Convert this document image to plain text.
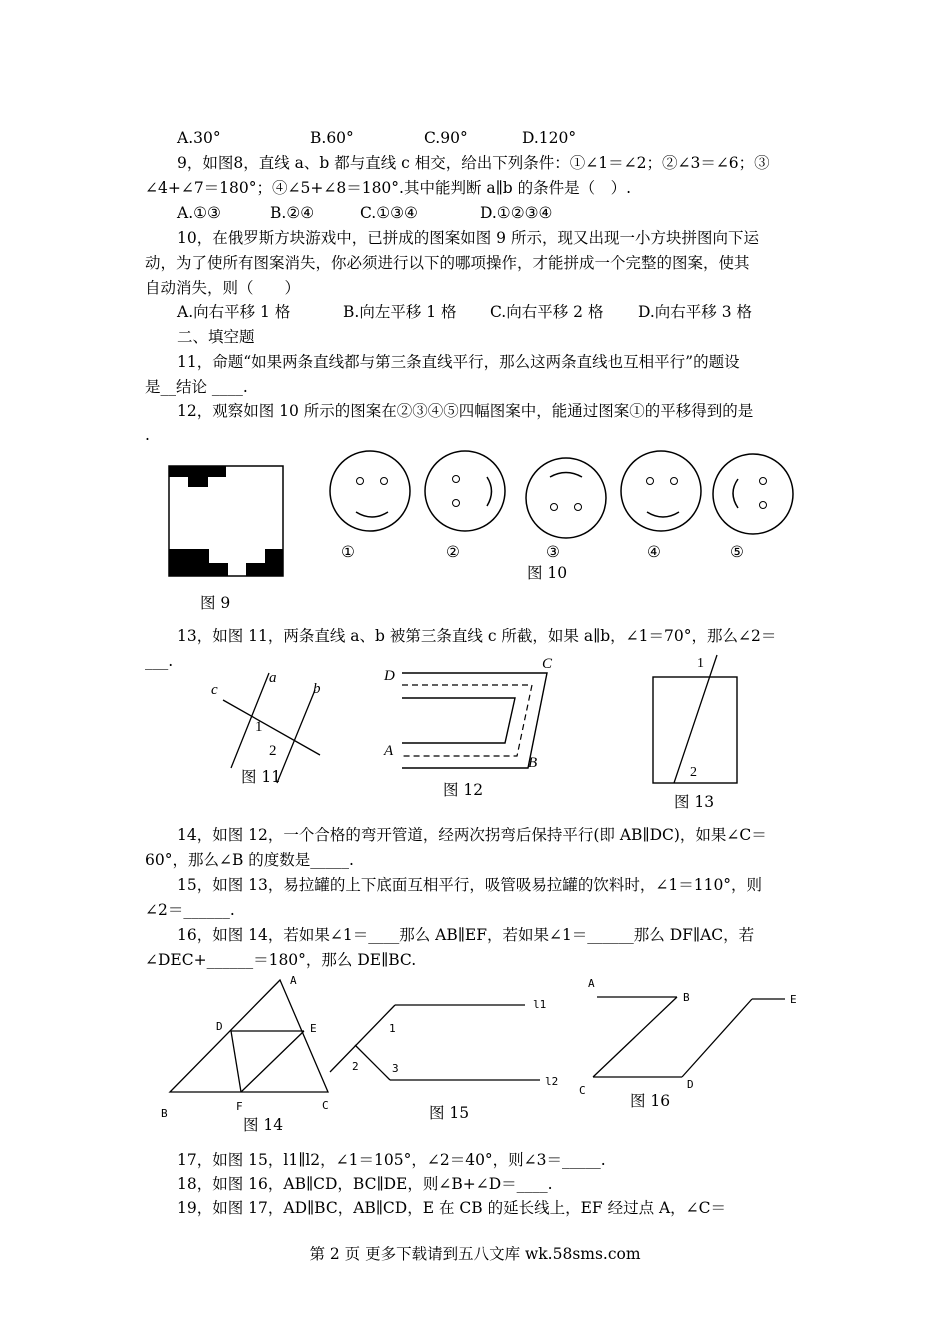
A.30°	B.60°	C.90°	D.120°
9，如图8，直线 a、b 都与直线 c 相交，给出下列条件：①∠1＝∠2；②∠3＝∠6；③
∠4+∠7＝180°；④∠5+∠8＝180°.其中能判断 a∥b 的条件是（　）.
A.①③	B.②④	C.①③④	D.①②③④
10，在俄罗斯方块游戏中，已拼成的图案如图 9 所示，现又出现一小方块拼图向下运
动，为了使所有图案消失，你必须进行以下的哪项操作，才能拼成一个完整的图案，使其
自动消失，则（　　）
A.向右平移 1 格	B.向左平移 1 格 C.向右平移 2 格 D.向右平移 3 格
二、填空题
11，命题“如果两条直线都与第三条直线平行，那么这两条直线也互相平行”的题设
是__结论 ____.
12，观察如图 10 所示的图案在②③④⑤四幅图案中，能通过图案①的平移得到的是
.
图 9
①	②	③	④	⑤
图 10
13，如图 11，两条直线 a、b 被第三条直线 c 所截，如果 a∥b，∠1＝70°，那么∠2＝
___.
a
b
c
1
2
图 11
D
C
A
B
图 12
1
2
图 13
14，如图 12，一个合格的弯开管道，经两次拐弯后保持平行(即 AB∥DC)，如果∠C＝
60°，那么∠B 的度数是_____.
15，如图 13，易拉罐的上下底面互相平行，吸管吸易拉罐的饮料时，∠1＝110°，则
∠2＝______.
16，如图 14，若如果∠1＝____那么 AB∥EF，若如果∠1＝______那么 DF∥AC，若
∠DEC+______＝180°，那么 DE∥BC.
A
D	E
B
F	C
图 14
l1
l2
1
2	3
图 15
A
B	E
C	D
图 16
17，如图 15，l1∥l2，∠1＝105°，∠2＝40°，则∠3＝_____.
18，如图 16，AB∥CD，BC∥DE，则∠B+∠D＝____.
19，如图 17，AD∥BC，AB∥CD，E 在 CB 的延长线上，EF 经过点 A，∠C＝
第 2 页 更多下载请到五八文库 wk.58sms.com
